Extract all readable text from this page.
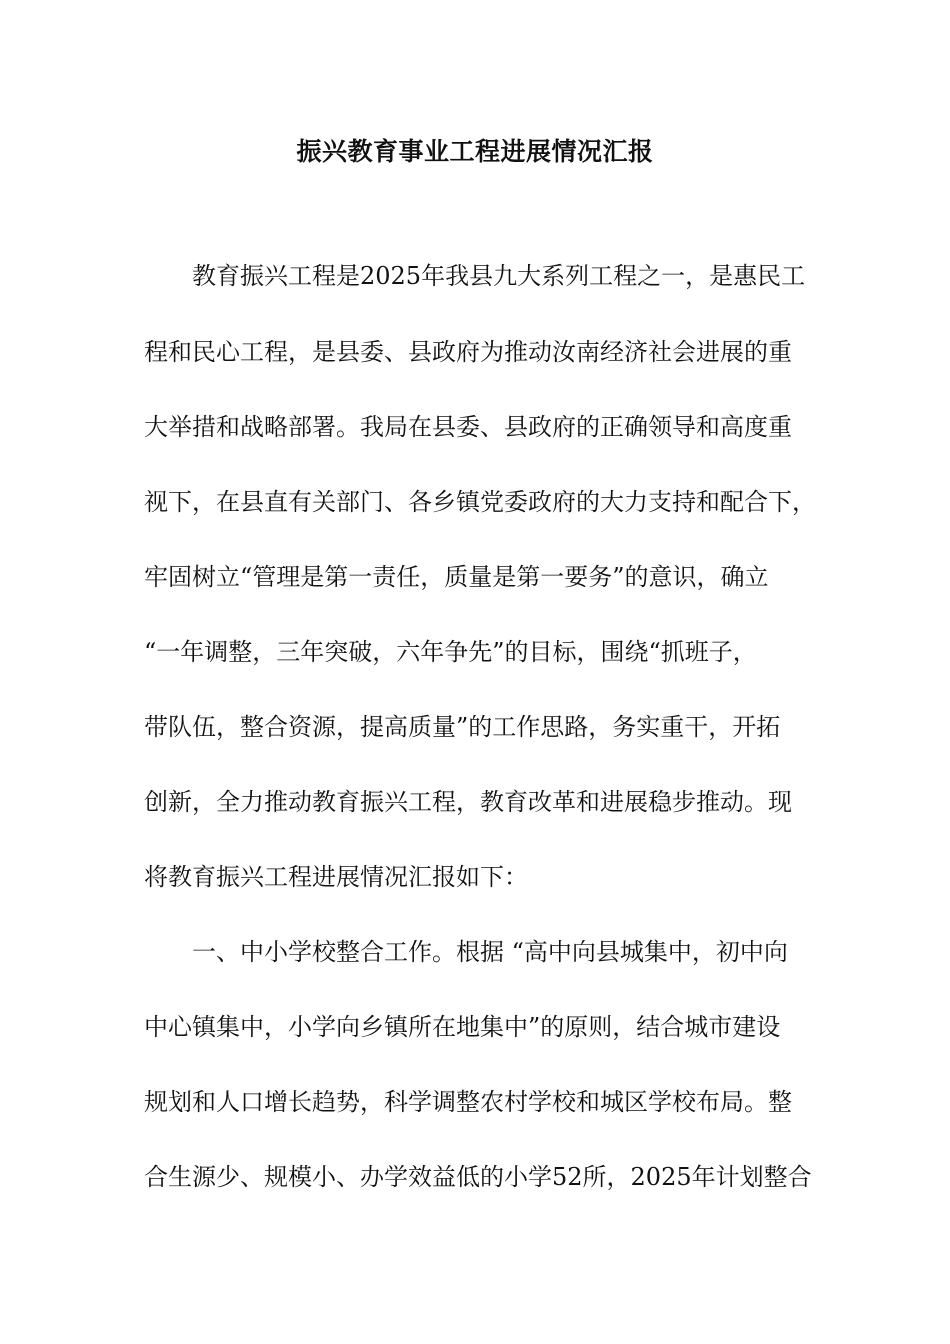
振兴教育事业工程进展情况汇报
　　教育振兴工程是2025年我县九大系列工程之一，是惠民工
程和民心工程，是县委、县政府为推动汝南经济社会进展的重
大举措和战略部署。我局在县委、县政府的正确领导和高度重
视下，在县直有关部门、各乡镇党委政府的大力支持和配合下，
牢固树立“管理是第一责任，质量是第一要务”的意识，确立
“一年调整，三年突破，六年争先”的目标，围绕“抓班子，
带队伍，整合资源，提高质量”的工作思路，务实重干，开拓
创新，全力推动教育振兴工程，教育改革和进展稳步推动。现
将教育振兴工程进展情况汇报如下：
　　一、中小学校整合工作。根据 “高中向县城集中，初中向
中心镇集中，小学向乡镇所在地集中”的原则，结合城市建设
规划和人口增长趋势，科学调整农村学校和城区学校布局。整
合生源少、规模小、办学效益低的小学52所，2025年计划整合
